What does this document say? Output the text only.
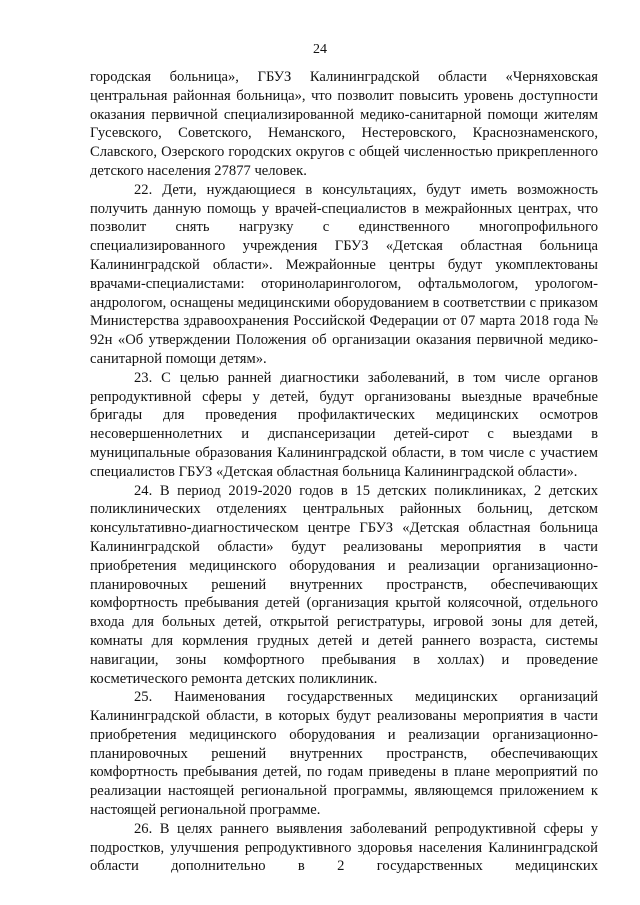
24

городская больница», ГБУЗ Калининградской области «Черняховская центральная районная больница», что позволит повысить уровень доступности оказания первичной специализированной медико-санитарной помощи жителям Гусевского, Советского, Неманского, Нестеровского, Краснознаменского, Славского, Озерского городских округов с общей численностью прикрепленного детского населения 27877 человек.

22. Дети, нуждающиеся в консультациях, будут иметь возможность получить данную помощь у врачей-специалистов в межрайонных центрах, что позволит снять нагрузку с единственного многопрофильного специализированного учреждения ГБУЗ «Детская областная больница Калининградской области». Межрайонные центры будут укомплектованы врачами-специалистами: оториноларингологом, офтальмологом, урологом-андрологом, оснащены медицинскими оборудованием в соответствии с приказом Министерства здравоохранения Российской Федерации от 07 марта 2018 года № 92н «Об утверждении Положения об организации оказания первичной медико-санитарной помощи детям».

23. С целью ранней диагностики заболеваний, в том числе органов репродуктивной сферы у детей, будут организованы выездные врачебные бригады для проведения профилактических медицинских осмотров несовершеннолетних и диспансеризации детей-сирот с выездами в муниципальные образования Калининградской области, в том числе с участием специалистов ГБУЗ «Детская областная больница Калининградской области».

24. В период 2019-2020 годов в 15 детских поликлиниках, 2 детских поликлинических отделениях центральных районных больниц, детском консультативно-диагностическом центре ГБУЗ «Детская областная больница Калининградской области» будут реализованы мероприятия в части приобретения медицинского оборудования и реализации организационно-планировочных решений внутренних пространств, обеспечивающих комфортность пребывания детей (организация крытой колясочной, отдельного входа для больных детей, открытой регистратуры, игровой зоны для детей, комнаты для кормления грудных детей и детей раннего возраста, системы навигации, зоны комфортного пребывания в холлах) и проведение косметического ремонта детских поликлиник.

25. Наименования государственных медицинских организаций Калининградской области, в которых будут реализованы мероприятия в части приобретения медицинского оборудования и реализации организационно-планировочных решений внутренних пространств, обеспечивающих комфортность пребывания детей, по годам приведены в плане мероприятий по реализации настоящей региональной программы, являющемся приложением к настоящей региональной программе.

26. В целях раннего выявления заболеваний репродуктивной сферы у подростков, улучшения репродуктивного здоровья населения Калининградской области дополнительно в 2 государственных медицинских
